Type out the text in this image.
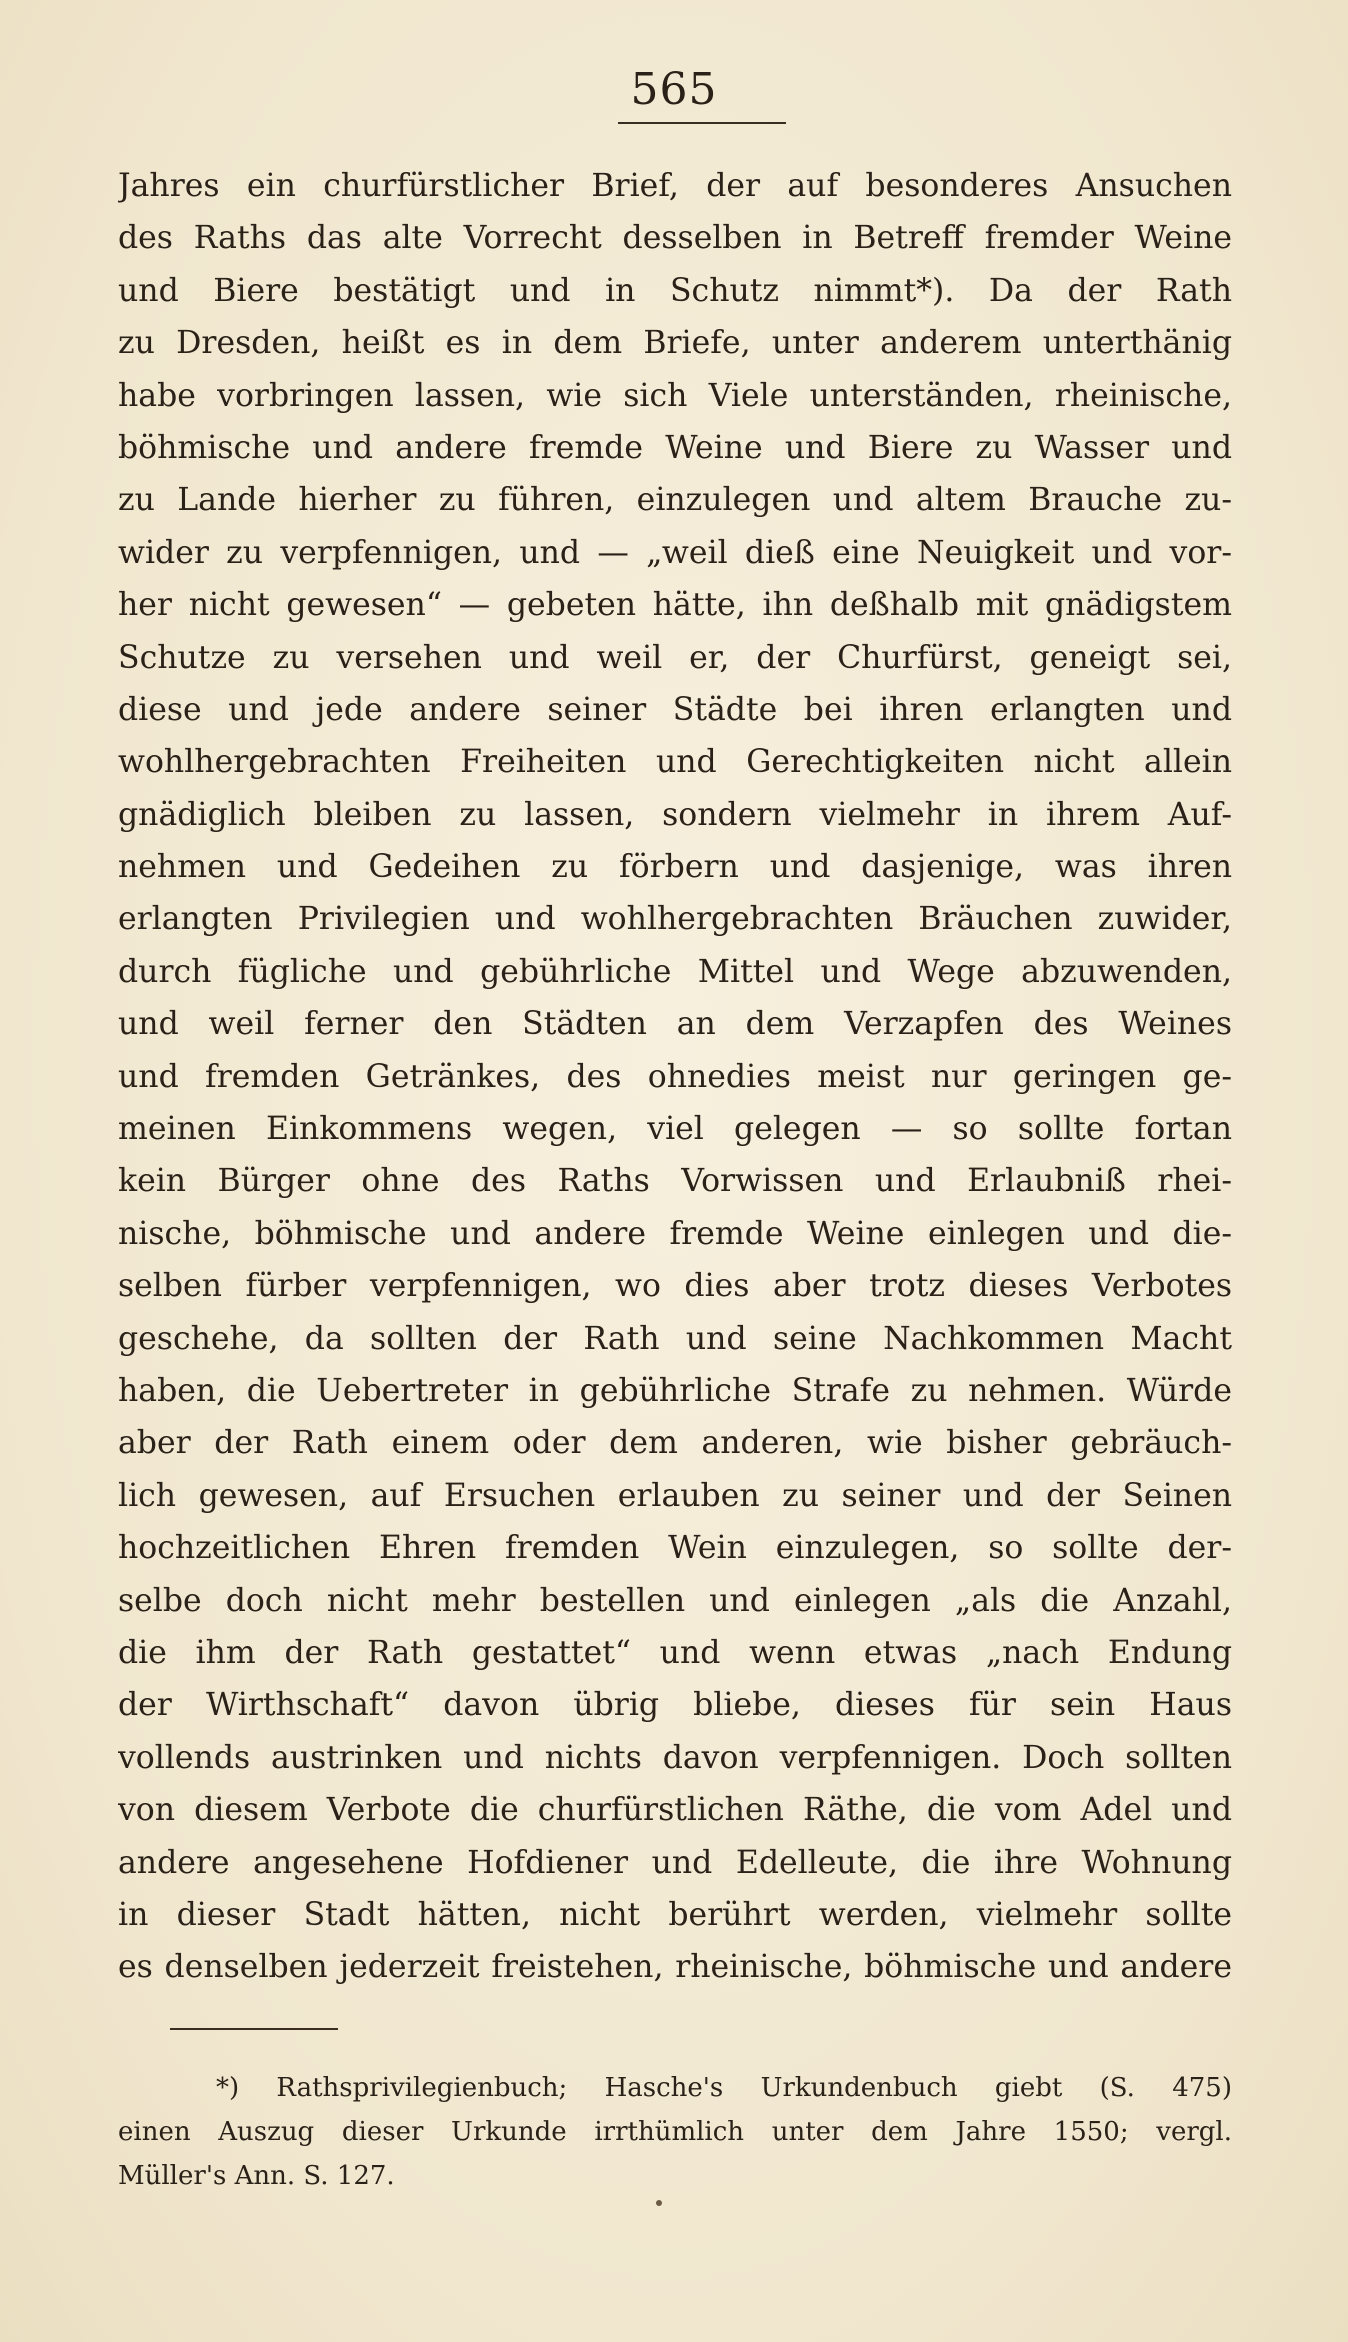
565
Jahres ein churfürstlicher Brief, der auf besonderes Ansuchen
des Raths das alte Vorrecht desselben in Betreff fremder Weine
und Biere bestätigt und in Schutz nimmt*). Da der Rath
zu Dresden, heißt es in dem Briefe, unter anderem unterthänig
habe vorbringen lassen, wie sich Viele unterständen, rheinische,
böhmische und andere fremde Weine und Biere zu Wasser und
zu Lande hierher zu führen, einzulegen und altem Brauche zu-
wider zu verpfennigen, und — „weil dieß eine Neuigkeit und vor-
her nicht gewesen“ — gebeten hätte, ihn deßhalb mit gnädigstem
Schutze zu versehen und weil er, der Churfürst, geneigt sei,
diese und jede andere seiner Städte bei ihren erlangten und
wohlhergebrachten Freiheiten und Gerechtigkeiten nicht allein
gnädiglich bleiben zu lassen, sondern vielmehr in ihrem Auf-
nehmen und Gedeihen zu förbern und dasjenige, was ihren
erlangten Privilegien und wohlhergebrachten Bräuchen zuwider,
durch fügliche und gebührliche Mittel und Wege abzuwenden,
und weil ferner den Städten an dem Verzapfen des Weines
und fremden Getränkes, des ohnedies meist nur geringen ge-
meinen Einkommens wegen, viel gelegen — so sollte fortan
kein Bürger ohne des Raths Vorwissen und Erlaubniß rhei-
nische, böhmische und andere fremde Weine einlegen und die-
selben fürber verpfennigen, wo dies aber trotz dieses Verbotes
geschehe, da sollten der Rath und seine Nachkommen Macht
haben, die Uebertreter in gebührliche Strafe zu nehmen. Würde
aber der Rath einem oder dem anderen, wie bisher gebräuch-
lich gewesen, auf Ersuchen erlauben zu seiner und der Seinen
hochzeitlichen Ehren fremden Wein einzulegen, so sollte der-
selbe doch nicht mehr bestellen und einlegen „als die Anzahl,
die ihm der Rath gestattet“ und wenn etwas „nach Endung
der Wirthschaft“ davon übrig bliebe, dieses für sein Haus
vollends austrinken und nichts davon verpfennigen. Doch sollten
von diesem Verbote die churfürstlichen Räthe, die vom Adel und
andere angesehene Hofdiener und Edelleute, die ihre Wohnung
in dieser Stadt hätten, nicht berührt werden, vielmehr sollte
es denselben jederzeit freistehen, rheinische, böhmische und andere
*) Rathsprivilegienbuch; Hasche's Urkundenbuch giebt (S. 475)
einen Auszug dieser Urkunde irrthümlich unter dem Jahre 1550; vergl.
Müller's Ann. S. 127.
